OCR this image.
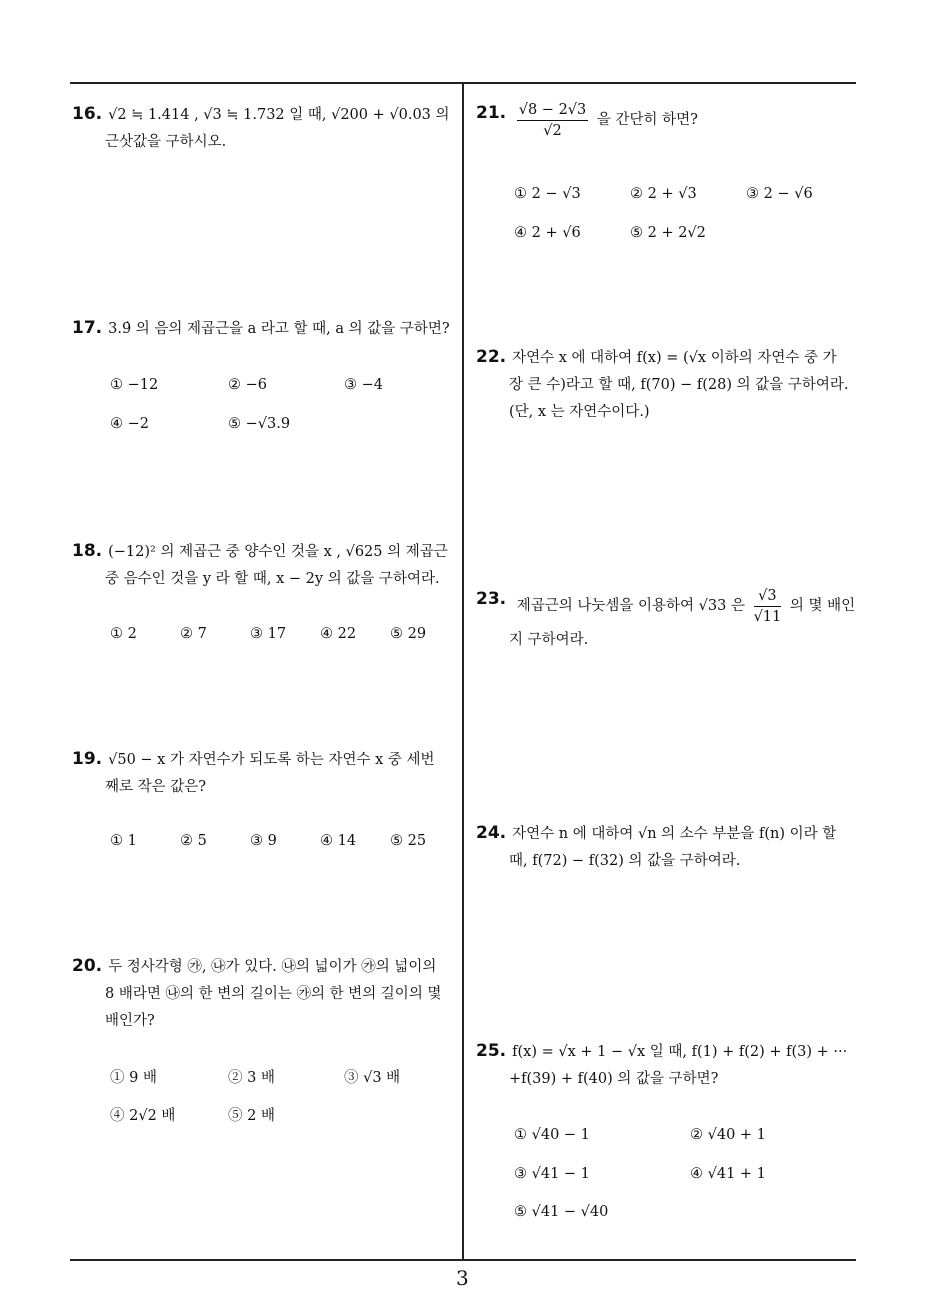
16. √2 ≒ 1.414 , √3 ≒ 1.732 일 때, √200 + √0.03 의
근삿값을 구하시오.
17. 3.9̇ 의 음의 제곱근을 a 라고 할 때, a 의 값을 구하면?
① −12	② −6	③ −4
④ −2	⑤ −√3.9
18. (−12)² 의 제곱근 중 양수인 것을 x , √625 의 제곱근
중 음수인 것을 y 라 할 때, x − 2y 의 값을 구하여라.
① 2	② 7	③ 17 ④ 22 ⑤ 29
19. √50 − x 가 자연수가 되도록 하는 자연수 x 중 세번
째로 작은 값은?
① 1	② 5	③ 9	④ 14 ⑤ 25
20. 두 정사각형 ㉮, ㉯가 있다. ㉯의 넓이가 ㉮의 넓이의
8 배라면 ㉯의 한 변의 길이는 ㉮의 한 변의 길이의 몇
배인가?
① 9 배	② 3 배	③ √3 배
④ 2√2 배	⑤ 2 배
21. $\frac{√8 - 2√3}{√2}$ 을 간단히 하면?
① 2 − √3	② 2 + √3	③ 2 − √6
④ 2 + √6	⑤ 2 + 2√2
22. 자연수 x 에 대하여 f(x) = (√x 이하의 자연수 중 가
장 큰 수)라고 할 때, f(70) − f(28) 의 값을 구하여라.
(단, x 는 자연수이다.)
23. 제곱근의 나눗셈을 이용하여 √33 은 $\frac{√3}{√11}$ 의 몇 배인
지 구하여라.
24. 자연수 n 에 대하여 √n 의 소수 부분을 f(n) 이라 할
때, f(72) − f(32) 의 값을 구하여라.
25. f(x) = √x + 1 − √x 일 때, f(1) + f(2) + f(3) + ···
+f(39) + f(40) 의 값을 구하면?
① √40 − 1	② √40 + 1
③ √41 − 1	④ √41 + 1
⑤ √41 − √40
3
